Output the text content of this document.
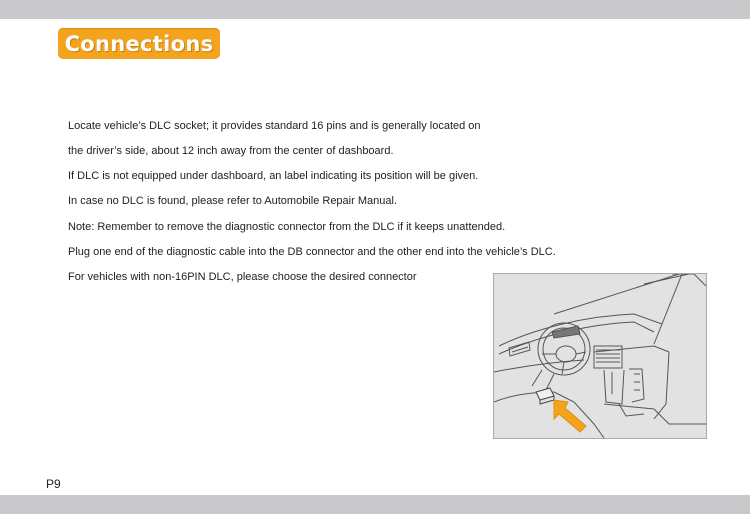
Connections
Locate vehicle’s DLC socket; it provides standard 16 pins and is generally located on
the driver’s side, about 12 inch away from the center of dashboard.
If DLC is not equipped under dashboard, an label indicating its position will be given.
In case no DLC is found, please refer to Automobile Repair Manual.
Note: Remember to remove the diagnostic connector from the DLC if it keeps unattended.
Plug one end of the diagnostic cable into the DB connector and the other end into the vehicle’s DLC.
For vehicles with non-16PIN DLC, please choose the desired connector
P9
